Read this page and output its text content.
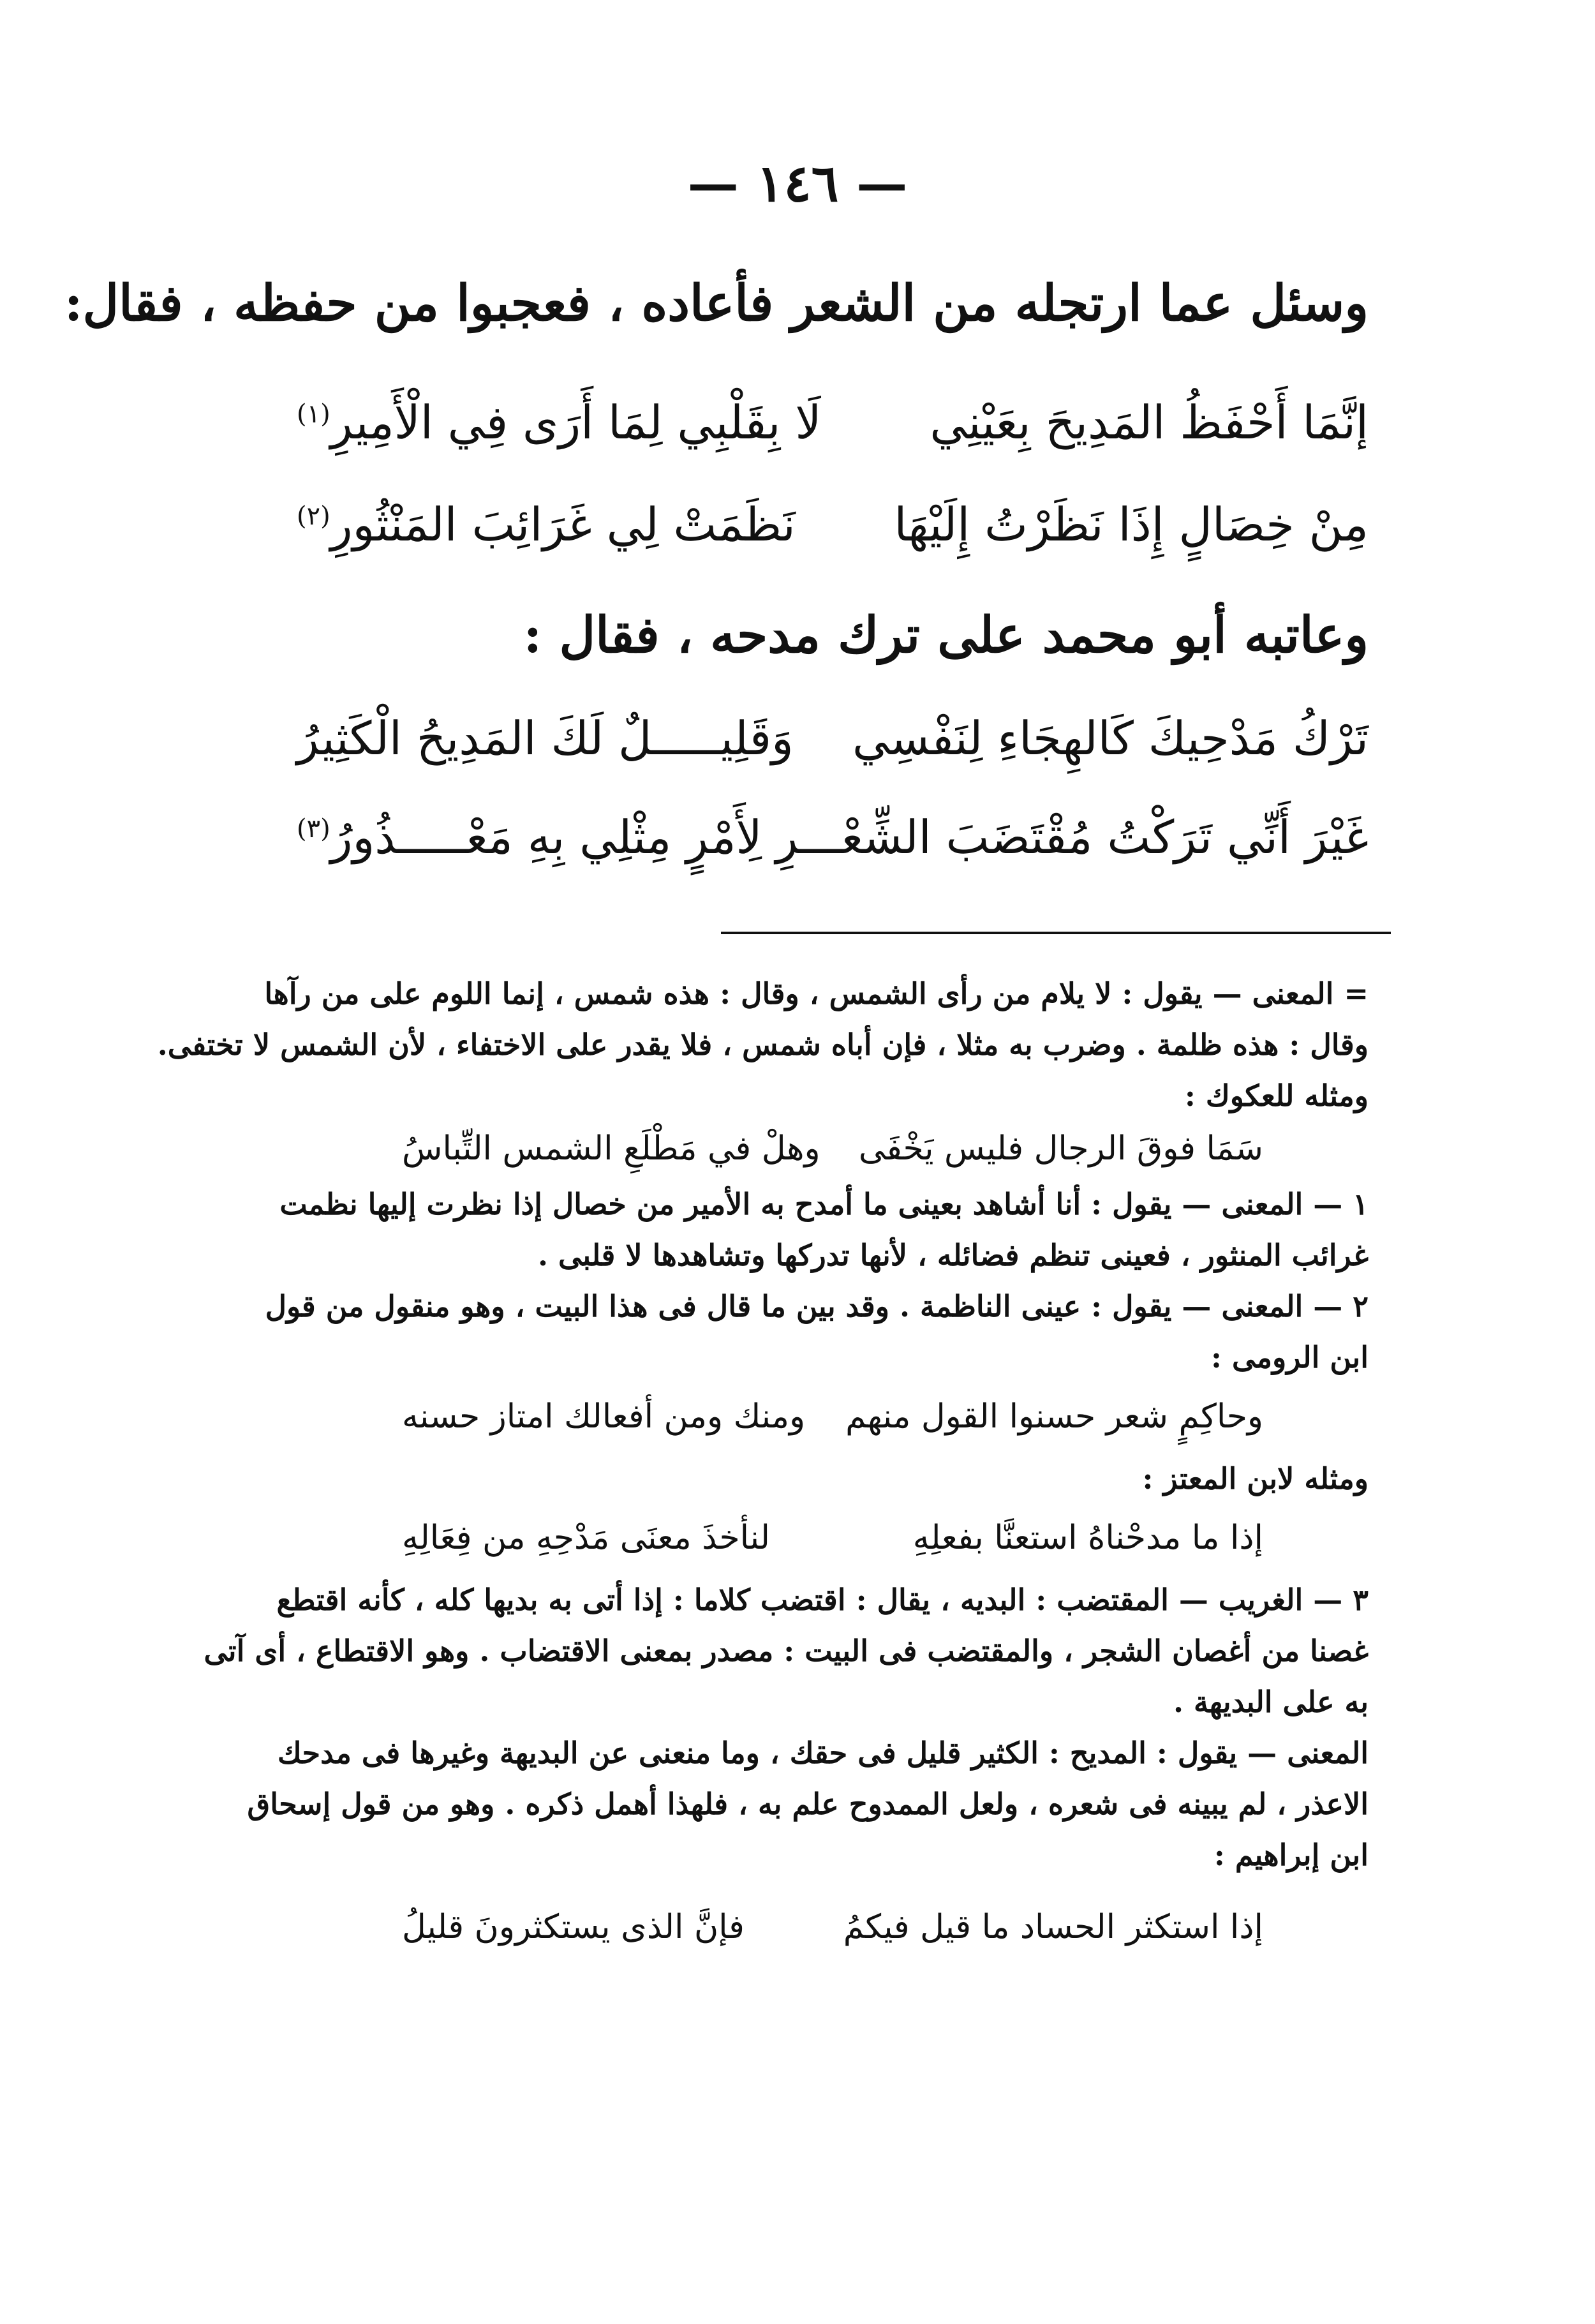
— ١٤٦ —
وسئل عما ارتجله من الشعر فأعاده ، فعجبوا من حفظه ، فقال:
إنَّمَا أَحْفَظُ المَدِيحَ بِعَيْنِي
لَا بِقَلْبِي لِمَا أَرَى فِي الْأَمِيرِ$^{(١)}$
مِنْ خِصَالٍ إِذَا نَظَرْتُ إِلَيْهَا
نَظَمَتْ لِي غَرَائِبَ المَنْثُورِ$^{(٢)}$
وعاتبه أبو محمد على ترك مدحه ، فقال :
تَرْكُ مَدْحِيكَ كَالهِجَاءِ لِنَفْسِي
وَقَلِيـــــلٌ لَكَ المَدِيحُ الْكَثِيرُ
غَيْرَ أَنِّي تَرَكْتُ مُقْتَضَبَ الشِّعْـــرِ
لِأَمْرٍ مِثْلِي بِهِ مَعْـــــذُورُ$^{(٣)}$
= المعنى — يقول : لا يلام من رأى الشمس ، وقال : هذه شمس ، إنما اللوم على من رآها
وقال : هذه ظلمة . وضرب به مثلا ، فإن أباه شمس ، فلا يقدر على الاختفاء ، لأن الشمس لا تختفى.
ومثله للعكوك :
سَمَا فوقَ الرجال فليس يَخْفَى
وهلْ في مَطْلَعِ الشمس التِّباسُ
١ — المعنى — يقول : أنا أشاهد بعينى ما أمدح به الأمير من خصال إذا نظرت إليها نظمت
غرائب المنثور ، فعينى تنظم فضائله ، لأنها تدركها وتشاهدها لا قلبى .
٢ — المعنى — يقول : عينى الناظمة . وقد بين ما قال فى هذا البيت ، وهو منقول من قول
ابن الرومى :
وحاكِمٍ شعر حسنوا القول منهم
ومنك ومن أفعالك امتاز حسنه
ومثله لابن المعتز :
إذا ما مدحْناهُ استعنَّا بفعلِهِ
لنأخذَ معنَى مَدْحِهِ من فِعَالِهِ
٣ — الغريب — المقتضب : البديه ، يقال : اقتضب كلاما : إذا أتى به بديها كله ، كأنه اقتطع
غصنا من أغصان الشجر ، والمقتضب فى البيت : مصدر بمعنى الاقتضاب . وهو الاقتطاع ، أى آتى
به على البديهة .
المعنى — يقول : المديح : الكثير قليل فى حقك ، وما منعنى عن البديهة وغيرها فى مدحك
الاعذر ، لم يبينه فى شعره ، ولعل الممدوح علم به ، فلهذا أهمل ذكره . وهو من قول إسحاق
ابن إبراهيم :
إذا استكثر الحساد ما قيل فيكمُ
فإنَّ الذى يستكثرونَ قليلُ
